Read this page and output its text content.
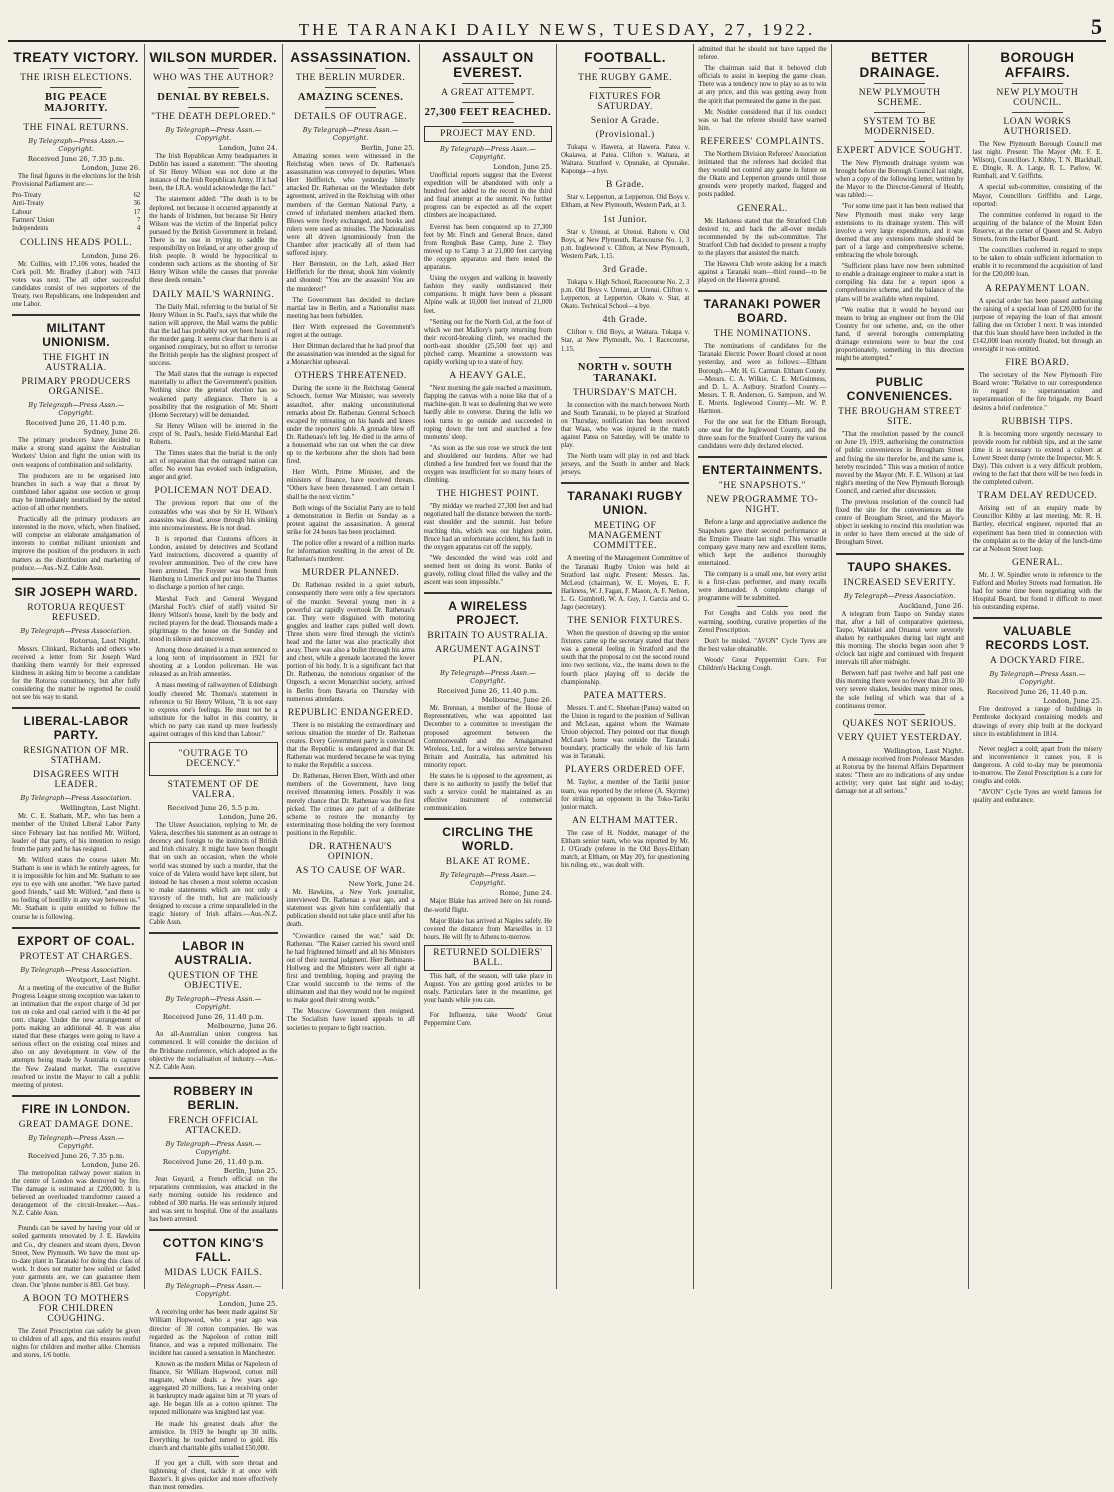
THE TARANAKI DAILY NEWS, TUESDAY, 27, 1922.	5
TREATY VICTORY.
THE IRISH ELECTIONS.
BIG PEACE MAJORITY.
THE FINAL RETURNS.
By Telegraph—Press Assn.—Copyright.
Received June 26, 7.35 p.m.
London, June 26.

The final figures in the elections for the Irish Provisional Parliament are:—

Pro-Treaty	62
Anti-Treaty	36
Labour	17
Farmers' Union	7
Independents	4
COLLINS HEADS POLL.
London, June 26.

Mr. Collins, with 17,106 votes, headed the Cork poll. Mr. Bradley (Labor) with 7413 votes was next. The all other successful candidates consist of two supporters of the Treaty, two Republicans, one Independent and one Labor.

MILITANT UNIONISM.
THE FIGHT IN AUSTRALIA.
PRIMARY PRODUCERS ORGANISE.
By Telegraph—Press Assn.—Copyright.
Received June 26, 11.40 p.m.
Sydney, June 26.

The primary producers have decided to make a strong stand against the Australian Workers' Union and fight the union with its own weapons of combination and solidarity.

The producers are to be organised into branches in such a way that a threat by combined labor against one section or group may be immediately neutralised by the united action of all other members.

Practically all the primary producers are interested in the move, which, when finalised, will comprise an elaborate amalgamation of interests to combat militant unionism and improve the position of the producers in such matters as the distribution and marketing of produce.—Aus.-N.Z. Cable Assn.

SIR JOSEPH WARD.
ROTORUA REQUEST REFUSED.
By Telegraph—Press Association.
Rotorua, Last Night.

Messrs. Clinkard, Richards and others who received a letter from Sir Joseph Ward thanking them warmly for their expressed kindness in asking him to become a candidate for the Rotorua constituency, but after fully considering the matter he regretted he could not see his way to stand.

LIBERAL-LABOR PARTY.
RESIGNATION OF MR. STATHAM.
DISAGREES WITH LEADER.
By Telegraph—Press Association.
Wellington, Last Night.

Mr. C. E. Statham, M.P., who has been a member of the United Liberal Labor Party since February last has notified Mr. Wilford, leader of that party, of his intention to resign from the party and he has resigned.

Mr. Wilford states the course taken Mr. Statham is one in which he entirely agrees, for it is impossible for him and Mr. Statham to see eye to eye with one another. "We have parted good friends," said Mr. Wilford, "and there is no feeling of hostility in any way between us." Mr. Statham is quite entitled to follow the course he is following.

EXPORT OF COAL.
PROTEST AT CHARGES.
By Telegraph—Press Association.
Westport, Last Night.

At a meeting of the executive of the Buller Progress League strong exception was taken to an intimation that the export charge of 3d per ton on coke and coal carried with it the 4d per cent. charge. Under the new arrangement of ports making an additional 4d. It was also stated that these charges were going to have a serious effect on the existing coal mines and also on any development in view of the attempts being made by Australia to capture the New Zealand market. The executive resolved to invite the Mayor to call a public meeting of protest.

FIRE IN LONDON.
GREAT DAMAGE DONE.
By Telegraph—Press Assn.—Copyright.
Received June 26, 7.35 p.m.
London, June 26.

The metropolitan railway power station in the centre of London was destroyed by fire. The damage is estimated at £200,000. It is believed an overloaded transformer caused a derangement of the circuit-breaker.—Aus.-N.Z. Cable Assn.

Pounds can be saved by having your old or soiled garments renovated by J. E. Hawkins and Co., dry cleaners and steam dyers, Devon Street, New Plymouth. We have the most up-to-date plant in Taranaki for doing this class of work. It does not matter how soiled or faded your garments are, we can guarantee them clean. Our 'phone number is 883. Get busy.

A BOON TO MOTHERS FOR CHILDREN COUGHING.

The Zenol Prescription can safely be given to children of all ages, and this ensures restful nights for children and mother alike. Chemists and stores, 1/6 bottle.

WILSON MURDER.
WHO WAS THE AUTHOR?
DENIAL BY REBELS.
"THE DEATH DEPLORED."
By Telegraph—Press Assn.—Copyright.
London, June 24.

The Irish Republican Army headquarters in Dublin has issued a statement: "The shooting of Sir Henry Wilson was not done at the instance of the Irish Republican Army. If it had been, the I.R.A. would acknowledge the fact."

The statement added: "The death is to be deplored, not because it occurred apparently at the hands of Irishmen, but because Sir Henry Wilson was the victim of the Imperial policy pursued by the British Government in Ireland. There is no use in trying to saddle the responsibility on Ireland, or any other group of Irish people. It would be hypocritical to condemn such actions as the shooting of Sir Henry Wilson while the causes that provoke these deeds remain."

DAILY MAIL'S WARNING.

The Daily Mail, referring to the burial of Sir Henry Wilson in St. Paul's, says that while the nation will approve, the Mail warns the public that the lad has probably not yet been heard of the murder gang. It seems clear that there is an organised conspiracy, but no effort to terrorise the British people has the slightest prospect of success.

The Mail states that the outrage is expected materially to affect the Government's position. Nothing since the general election has so weakened party allegiance. There is a possibility that the resignation of Mr. Shortt (Home Secretary) will be demanded.

Sir Henry Wilson will be interred in the crypt of St. Paul's, beside Field-Marshal Earl Roberts.

The Times states that the burial is the only act of reparation that the outraged nation can offer. No event has evoked such indignation, anger and grief.

POLICEMAN NOT DEAD.

The previous report that one of the constables who was shot by Sir H. Wilson's assassins was dead, arose through his sinking into unconsciousness. He is not dead.

It is reported that Customs officers in London, assisted by detectives and Scotland Yard instructions, discovered a quantity of revolver ammunition. Two of the crew have been arrested. The Foyster was bound from Hamburg to Limerick and put into the Thames to discharge a portion of her cargo.

Marshal Foch and General Weygand (Marshal Foch's chief of staff) visited Sir Henry Wilson's house, knelt by the body and recited prayers for the dead. Thousands made a pilgrimage to the house on the Sunday and stood in silence and uncovered.

Among those detained is a man sentenced to a long term of imprisonment in 1921 for shooting at a London policeman. He was released as an Irish amnesties.

A mass meeting of railwaymen of Edinburgh loudly cheered Mr. Thomas's statement in reference to Sir Henry Wilson, "It is not easy to express one's feelings. He must not be a substitute for the ballot in this country, in which no party can stand up more fearlessly against outrages of this kind than Labour."

"OUTRAGE TO DECENCY."
STATEMENT OF DE VALERA.
Received June 26, 5.5 p.m.
London, June 26.

The Ulster Association, replying to Mr. de Valera, describes his statement as an outrage to decency and foreign to the instincts of British and Irish chivalry. It might have been thought that on such an occasion, when the whole world was stunned by such a murder, that the voice of de Valera would have kept silent, but instead he has chosen a most solemn occasion to make statements which are not only a travesty of the truth, but are maliciously designed to excuse a crime unparalleled in the tragic history of Irish affairs.—Aus.-N.Z. Cable Assn.

LABOR IN AUSTRALIA.
QUESTION OF THE OBJECTIVE.
By Telegraph—Press Assn.—Copyright.
Received June 26, 11.40 p.m.
Melbourne, June 26.

An all-Australian union congress has commenced. It will consider the decision of the Brisbane conference, which adopted as the objective the socialisation of industry.—Aus.-N.Z. Cable Assn.

ROBBERY IN BERLIN.
FRENCH OFFICIAL ATTACKED.
By Telegraph—Press Assn.—Copyright.
Received June 26, 11.40 p.m.
Berlin, June 25.

Jean Guyard, a French official on the reparations commission, was attacked in the early morning outside his residence and robbed of 300 marks. He was seriously injured and was sent to hospital. One of the assailants has been arrested.

COTTON KING'S FALL.
MIDAS LUCK FAILS.
By Telegraph—Press Assn.—Copyright.
London, June 25.

A receiving order has been made against Sir William Hopwood, who a year ago was director of 38 cotton companies. He was regarded as the Napoleon of cotton mill finance, and was a reputed millionaire. The incident has caused a sensation in Manchester.

Known as the modern Midas or Napoleon of finance, Sir William Hopwood, cotton mill magnate, whose deals a few years ago aggregated 20 millions, has a receiving order in bankruptcy made against him at 70 years of age. He began life as a cotton spinner. The reputed millionaire was knighted last year.

He made his greatest deals after the armistice. In 1919 he bought up 30 mills. Everything he touched turned to gold. His church and charitable gifts totalled £50,000.

If you get a chill, with sore throat and tightening of chest, tackle it at once with Baxter's. It gives quicker and more effectively than most remedies.

ASSASSINATION.
THE BERLIN MURDER.
AMAZING SCENES.
DETAILS OF OUTRAGE.
By Telegraph—Press Assn.—Copyright.
Berlin, June 25.

Amazing scenes were witnessed in the Reichstag when news of Dr. Rathenau's assassination was conveyed to deputies. When Herr Helfferich, who yesterday bitterly attacked Dr. Rathenau on the Wiesbaden debt agreement, arrived in the Reichstag with other members of the German National Party, a crowd of infuriated members attacked them. Blows were freely exchanged, and books and rulers were used as missiles. The Nationalists were all driven ignominiously from the Chamber after practically all of them had suffered injury.

Herr Bernstein, on the Left, asked Herr Helfferich for the threat, shook him violently and shouted: "You are the assassin! You are the murderer!"

The Government has decided to declare martial law in Berlin, and a Nationalist mass meeting has been forbidden.

Herr Wirth expressed the Government's regret at the outrage.

Herr Dittman declared that he had proof that the assassination was intended as the signal for a Monarchist upheaval.

OTHERS THREATENED.

During the scene in the Reichstag General Schoech, former War Minister, was severely assaulted, after making unconstitutional remarks about Dr. Rathenau. General Schoech escaped by retreating on his hands and knees under the reporters' table. A grenade blew off Dr. Rathenau's left leg. He died in the arms of a housemaid who ran out when the car drew up to the kerbstone after the shots had been fired.

Herr Wirth, Prime Minister, and the ministers of finance, have received threats. "Others have been threatened. I am certain I shall be the next victim."

Both wings of the Socialist Party are to hold a demonstration in Berlin on Sunday as a protest against the assassination. A general strike for 24 hours has been proclaimed.

The police offer a reward of a million marks for information resulting in the arrest of Dr. Rathenau's murderer.

MURDER PLANNED.

Dr. Rathenau resided in a quiet suburb, consequently there were only a few spectators of the murder. Several young men in a powerful car rapidly overtook Dr. Rathenau's car. They were disguised with motoring goggles and leather caps pulled well down. Three shots were fired through the victim's head and the latter was also practically shot away. There was also a bullet through his arms and chest, while a grenade lacerated the lower portion of his body. It is a significant fact that Dr. Rathenau, the notorious organiser of the Orgesch, a secret Monarchist society, arrived in Berlin from Bavaria on Thursday with numerous attendants.

REPUBLIC ENDANGERED.

There is no mistaking the extraordinary and serious situation the murder of Dr. Rathenau creates. Every Government party is convinced that the Republic is endangered and that Dr. Rathenau was murdered because he was trying to make the Republic a success.

Dr. Rathenau, Herren Ebert, Wirth and other members of the Government, have long received threatening letters. Possibly it was merely chance that Dr. Rathenau was the first picked. The crimes are part of a deliberate scheme to restore the monarchy by exterminating those holding the very foremost positions in the Republic.

DR. RATHENAU'S OPINION.
AS TO CAUSE OF WAR.
New York, June 24.

Mr. Hawkins, a New York journalist, interviewed Dr. Rathenau a year ago, and a statement was given him confidentially that publication should not take place until after his death.

"Cowardice caused the war," said Dr. Rathenau. "The Kaiser carried his sword until he had frightened himself and all his Ministers out of their normal judgment. Herr Bethmann-Hollweg and the Ministers were all right at first and trembling, hoping and praying the Czar would succumb to the terms of the ultimatum and that they would not be required to make good their strong words."

The Moscow Government then resigned. The Socialists have issued appeals to all societies to prepare to fight reaction.

ASSAULT ON EVEREST.
A GREAT ATTEMPT.
27,300 FEET REACHED.
PROJECT MAY END.
By Telegraph—Press Assn.—Copyright.
London, June 25.

Unofficial reports suggest that the Everest expedition will be abandoned with only a hundred feet added to the record in the third and final attempt at the summit. No further progress can be expected as all the expert climbers are incapacitated.

Everest has been conquered up to 27,300 feet by Mr. Finch and General Bruce, dated from Rongbuk Base Camp, June 2. They moved up to Camp 3 at 21,000 feet carrying the oxygen apparatus and there tested the apparatus.

Using the oxygen and walking in heavenly fashion they easily outdistanced their companions. It might have been a pleasant Alpine walk at 10,000 feet instead of 21,000 feet.

"Setting out for the North Col, at the foot of which we met Mallory's party returning from their record-breaking climb, we reached the north-east shoulder (25,500 feet up) and pitched camp. Meantime a snowstorm was rapidly working up to a state of fury.

A HEAVY GALE.

"Next morning the gale reached a maximum, flapping the canvas with a noise like that of a machine-gun. It was so deafening that we were hardly able to converse. During the lulls we took turns to go outside and succeeded in roping down the tent and snatched a few moments' sleep.

"As soon as the sun rose we struck the tent and shouldered our burdens. After we had climbed a few hundred feet we found that the oxygen was insufficient for so many hours of climbing.

THE HIGHEST POINT.

"By midday we reached 27,300 feet and had negotiated half the distance between the north-east shoulder and the summit. Just before reaching this, which was our highest point, Bruce had an unfortunate accident, his fault in the oxygen apparatus cut off the supply.

"We descended the wind was cold and seemed bent on doing its worst. Banks of gravely, rolling cloud filled the valley and the ascent was soon impossible."

A WIRELESS PROJECT.
BRITAIN TO AUSTRALIA.
ARGUMENT AGAINST PLAN.
By Telegraph—Press Assn.—Copyright.
Received June 26, 11.40 p.m.
Melbourne, June 26.

Mr. Brennan, a member of the House of Representatives, who was appointed last December to a committee to investigate the proposed agreement between the Commonwealth and the Amalgamated Wireless, Ltd., for a wireless service between Britain and Australia, has submitted his minority report.

He states he is opposed to the agreement, as there is no authority to justify the belief that such a service could be maintained as an effective instrument of commercial communication.

CIRCLING THE WORLD.
BLAKE AT ROME.
By Telegraph—Press Assn.—Copyright.
Rome, June 24.

Major Blake has arrived here on his round-the-world flight.

Major Blake has arrived at Naples safely. He covered the distance from Marseilles in 13 hours. He will fly to Athens to-morrow.

RETURNED SOLDIERS' BALL.

This ball, of the season, will take place in August. You are getting good articles to be ready. Particulars later in the meantime, get your hands while you can.

For Influenza, take Woods' Great Peppermint Cure.

FOOTBALL.
THE RUGBY GAME.
FIXTURES FOR SATURDAY.
Senior A Grade.
(Provisional.)

Tukapa v. Hawera, at Hawera. Patea v. Okaiawa, at Patea. Clifton v. Waitara, at Waitara. Stratford v. Opunake, at Opunake. Kaponga—a bye.

B Grade.

Star v. Lepperton, at Lepperton. Old Boys v. Eltham, at New Plymouth, Western Park, at 3.

1st Junior.

Star v. Urenui, at Urenui. Rahotu v. Old Boys, at New Plymouth, Racecourse No. 1, 3 p.m. Inglewood v. Clifton, at New Plymouth, Western Park, 1.15.

3rd Grade.

Tukapa v. High School, Racecourse No. 2, 3 p.m. Old Boys v. Urenui, at Urenui. Clifton v. Lepperton, at Lepperton. Okato v. Star, at Okato. Technical School—a bye.

4th Grade.

Clifton v. Old Boys, at Waitara. Tukapa v. Star, at New Plymouth, No. 1 Racecourse, 1.15.

NORTH v. SOUTH TARANAKI.
THURSDAY'S MATCH.

In connection with the match between North and South Taranaki, to be played at Stratford on Thursday, notification has been received that Waas, who was injured in the match against Patea on Saturday, will be unable to play.

The North team will play in red and black jerseys, and the South in amber and black jerseys.

TARANAKI RUGBY UNION.
MEETING OF MANAGEMENT COMMITTEE.

A meeting of the Management Committee of the Taranaki Rugby Union was held at Stratford last night. Present: Messrs. Jas. McLeod (chairman), W. E. Moyes, E. F. Harkness, W. J. Fagan, F. Mason, A. F. Nelson, L. G. Gumbrell, W. A. Guy, J. Garcia and G. Jago (secretary).

THE SENIOR FIXTURES.

When the question of drawing up the senior fixtures came up the secretary stated that there was a general feeling in Stratford and the south that the proposal to cut the second round into two sections, viz., the teams down to the fourth place playing off to decide the championship.

PATEA MATTERS.

Messrs. T. and C. Sheehan (Patea) waited on the Union in regard to the position of Sullivan and McLean, against whom the Waimate Union objected. They pointed out that though McLean's home was outside the Taranaki boundary, practically the whole of his farm was in Taranaki.

PLAYERS ORDERED OFF.

M. Taylor, a member of the Tariki junior team, was reported by the referee (A. Skyrme) for striking an opponent in the Toko-Tariki junior match.

AN ELTHAM MATTER.

The case of H. Nodder, manager of the Eltham senior team, who was reported by Mr. J. O'Grady (referee in the Old Boys-Eltham match, at Eltham, on May 20), for questioning his ruling, etc., was dealt with.

admitted that he should not have tapped the referee.

The chairman said that it behoved club officials to assist in keeping the game clean. There was a tendency now to play so as to win at any price, and this was getting away from the spirit that permeated the game in the past.

Mr. Nodder considered that if his conduct was so bad the referee should have warned him.

REFEREES' COMPLAINTS.

The Northern Division Referees' Association intimated that the referees had decided that they would not control any game in future on the Okato and Lepperton grounds until those grounds were properly marked, flagged and posts padded.

GENERAL.

Mr. Harkness stated that the Stratford Club desired to, and back the all-over medals recommended by the sub-committee. The Stratford Club had decided to present a trophy to the players that assisted the match.

The Hawera Club wrote asking for a match against a Taranaki team—third round—to be played on the Hawera ground.

TARANAKI POWER BOARD.
THE NOMINATIONS.

The nominations of candidates for the Taranaki Electric Power Board closed at noon yesterday, and were as follows:—Eltham Borough.—Mr. H. G. Carman. Eltham County.—Messrs. C. A. Wilkie, C. E. McGuinness, and D. L. A. Astbury. Stratford County.—Messrs. T. R. Anderson, G. Sampson, and W. E. Morris. Inglewood County.—Mr. W. P. Hartnon.

For the one seat for the Eltham Borough, one seat for the Inglewood County, and the three seats for the Stratford County the various candidates were duly declared elected.

ENTERTAINMENTS.
"HE SNAPSHOTS."
NEW PROGRAMME TO-NIGHT.

Before a large and appreciative audience the Snapshots gave their second performance at the Empire Theatre last night. This versatile company gave many new and excellent items, which kept the audience thoroughly entertained.

The company is a small one, but every artist is a first-class performer, and many recalls were demanded. A complete change of programme will be submitted.

For Coughs and Colds you need the warming, soothing, curative properties of the Zenol Prescription.

Don't be misled. "AVON" Cycle Tyres are the best value obtainable.

Woods' Great Peppermint Cure. For Children's Hacking Cough.

BETTER DRAINAGE.
NEW PLYMOUTH SCHEME.
SYSTEM TO BE MODERNISED.
EXPERT ADVICE SOUGHT.

The New Plymouth drainage system was brought before the Borough Council last night, when a copy of the following letter, written by the Mayor to the Director-General of Health, was tabled:—

"For some time past it has been realised that New Plymouth must make very large extensions to its drainage system. This will involve a very large expenditure, and it was deemed that any extensions made should be part of a large and comprehensive scheme, embracing the whole borough.

"Sufficient plans have now been submitted to enable a drainage engineer to make a start in compiling his data for a report upon a comprehensive scheme, and the balance of the plans will be available when required.

"We realise that it would be beyond our means to bring an engineer out from the Old Country for our scheme, and, on the other hand, if several boroughs contemplating drainage extensions were to bear the cost proportionately, something in this direction might be attempted."

PUBLIC CONVENIENCES.
THE BROUGHAM STREET SITE.

"That the resolution passed by the council on June 19, 1919, authorising the construction of public conveniences in Brougham Street and fixing the site therefor be, and the same is, hereby rescinded." This was a motion of notice moved by the Mayor (Mr. F. E. Wilson) at last night's meeting of the New Plymouth Borough Council, and carried after discussion.

The previous resolution of the council had fixed the site for the conveniences as the centre of Brougham Street, and the Mayor's object in seeking to rescind this resolution was in order to have them erected at the side of Brougham Street.

TAUPO SHAKES.
INCREASED SEVERITY.
By Telegraph—Press Association.
Auckland, June 26.

A telegram from Taupo on Sunday states that, after a lull of comparative quietness, Taupo, Wairakei and Oruanui were severely shaken by earthquakes during last night and this morning. The shocks began soon after 9 o'clock last night and continued with frequent intervals till after midnight.

Between half past twelve and half past one this morning there were no fewer than 20 to 30 very severe shakes, besides many minor ones, the sole feeling of which was that of a continuous tremor.

QUAKES NOT SERIOUS.
VERY QUIET YESTERDAY.
Wellington, Last Night.

A message received from Professor Marsden at Rotorua by the Internal Affairs Department states: "There are no indications of any undue activity; very quiet last night and to-day; damage not at all serious."

BOROUGH AFFAIRS.
NEW PLYMOUTH COUNCIL.
LOAN WORKS AUTHORISED.

The New Plymouth Borough Council met last night. Present: The Mayor (Mr. F. E. Wilson), Councillors J. Kibby, T. N. Blackhall, E. Dingle, R. A. Large, R. L. Parlow, W. Rumball, and V. Griffiths.

A special sub-committee, consisting of the Mayor, Councillors Griffiths and Large, reported:

The committee conferred in regard to the acquiring of the balance of the Mount Eden Reserve, at the corner of Queen and St. Aubyn Streets, from the Harbor Board.

The councillors conferred in regard to steps to be taken to obtain sufficient information to enable it to recommend the acquisition of land for the £20,000 loan.

A REPAYMENT LOAN.

A special order has been passed authorising the raising of a special loan of £20,000 for the purpose of repaying the loan of that amount falling due on October 1 next. It was intended that this loan should have been included in the £142,000 loan recently floated, but through an oversight it was omitted.

FIRE BOARD.

The secretary of the New Plymouth Fire Board wrote: "Relative to our correspondence in regard to superannuation and superannuation of the fire brigade, my Board desires a brief conference."

RUBBISH TIPS.

It is becoming more urgently necessary to provide room for rubbish tips, and at the same time it is necessary to extend a culvert at Lower Street dump (wrote the Inspector, Mr. S. Day). This culvert is a very difficult problem, owing to the fact that there will be two feeds in the completed culvert.

TRAM DELAY REDUCED.

Arising out of an enquiry made by Councillor Kibby at last meeting, Mr. R. H. Bartley, electrical engineer, reported that an experiment has been tried in connection with the complaint as to the delay of the lunch-time car at Nobson Street loop.

GENERAL.

Mr. J. W. Spindler wrote in reference to the Fulford and Morley Streets road formation. He had for some time been negotiating with the Hospital Board, but found it difficult to meet his outstanding expense.

VALUABLE RECORDS LOST.
A DOCKYARD FIRE.
By Telegraph—Press Assn.—Copyright.
Received June 26, 11.40 p.m.
London, June 25.

Fire destroyed a range of buildings in Pembroke dockyard containing models and drawings of every ship built at the dockyard since its establishment in 1814.

Never neglect a cold; apart from the misery and inconvenience it causes you, it is dangerous. A cold to-day may be pneumonia to-morrow. The Zenol Prescription is a cure for coughs and colds.

"AVON" Cycle Tyres are world famous for quality and endurance.
